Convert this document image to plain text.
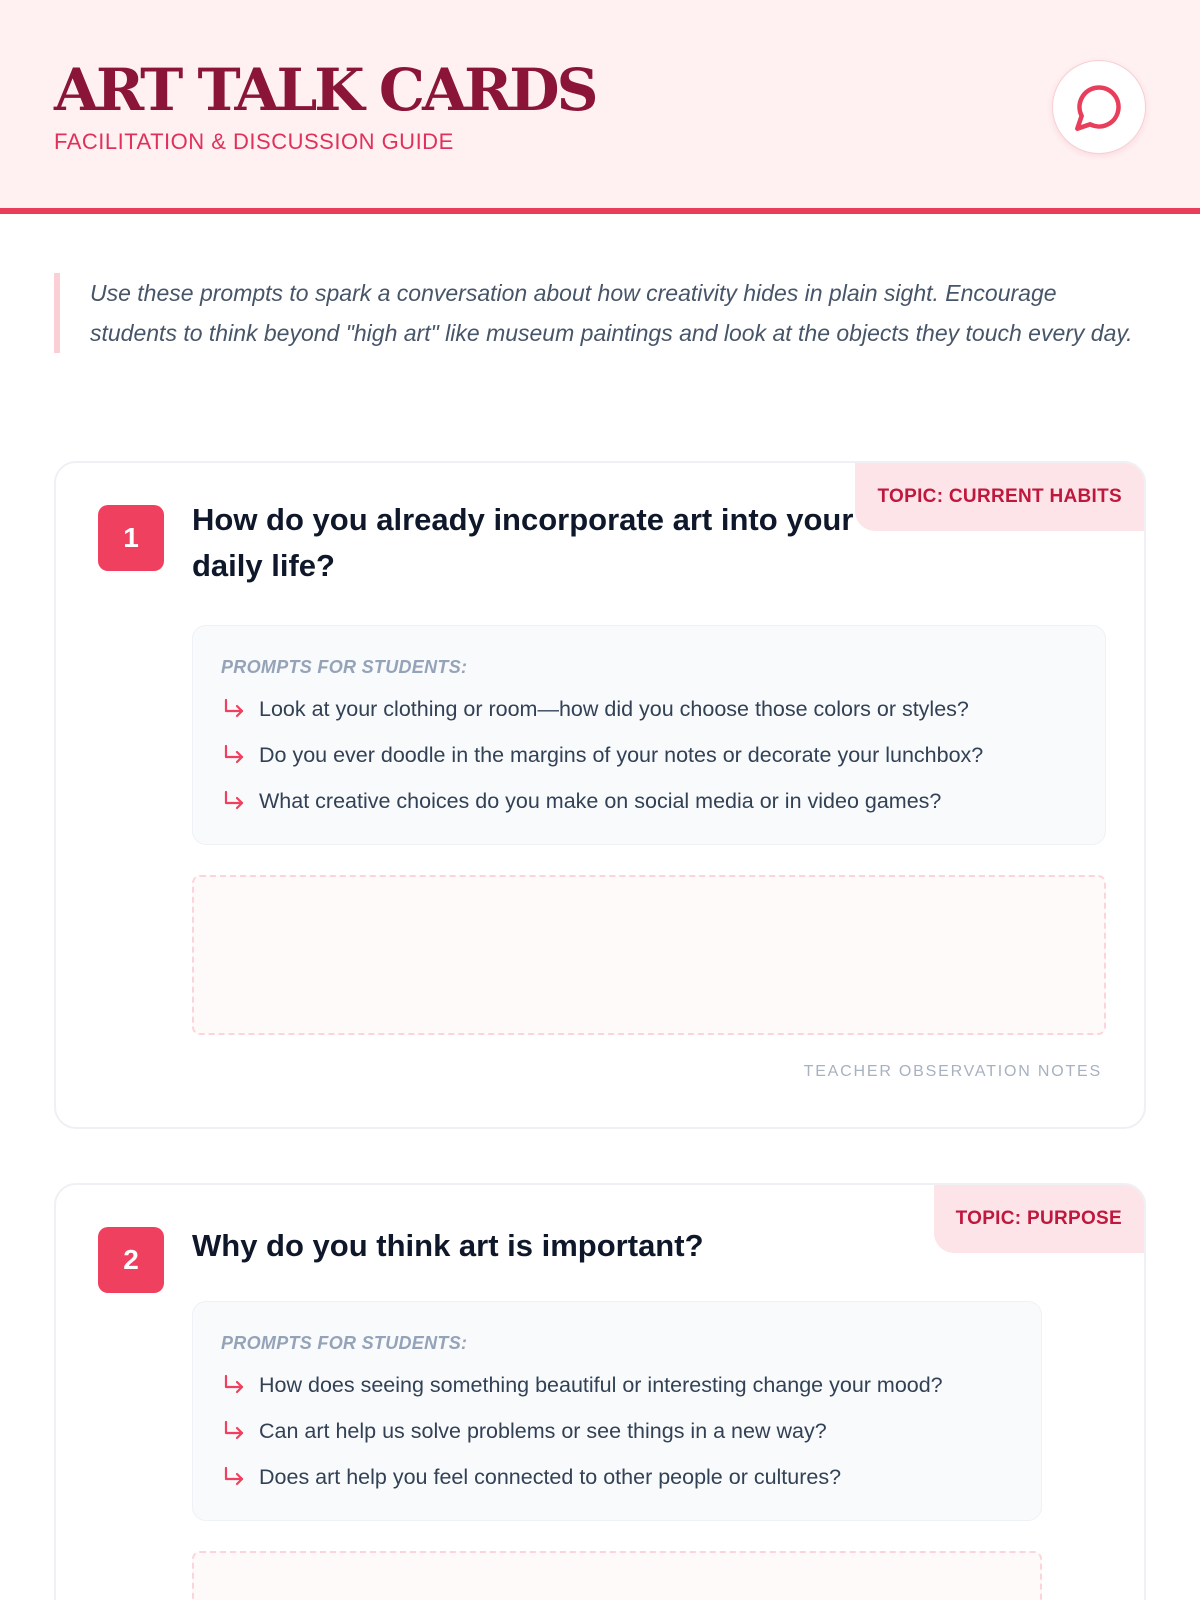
ART TALK CARDS
FACILITATION & DISCUSSION GUIDE
Use these prompts to spark a conversation about how creativity hides in plain sight. Encourage students to think beyond "high art" like museum paintings and look at the objects they touch every day.
TOPIC: CURRENT HABITS
1
How do you already incorporate art into your daily life?
PROMPTS FOR STUDENTS:
Look at your clothing or room—how did you choose those colors or styles?
Do you ever doodle in the margins of your notes or decorate your lunchbox?
What creative choices do you make on social media or in video games?
TEACHER OBSERVATION NOTES
TOPIC: PURPOSE
2	Why do you think art is important?
PROMPTS FOR STUDENTS:
How does seeing something beautiful or interesting change your mood?
Can art help us solve problems or see things in a new way?
Does art help you feel connected to other people or cultures?
